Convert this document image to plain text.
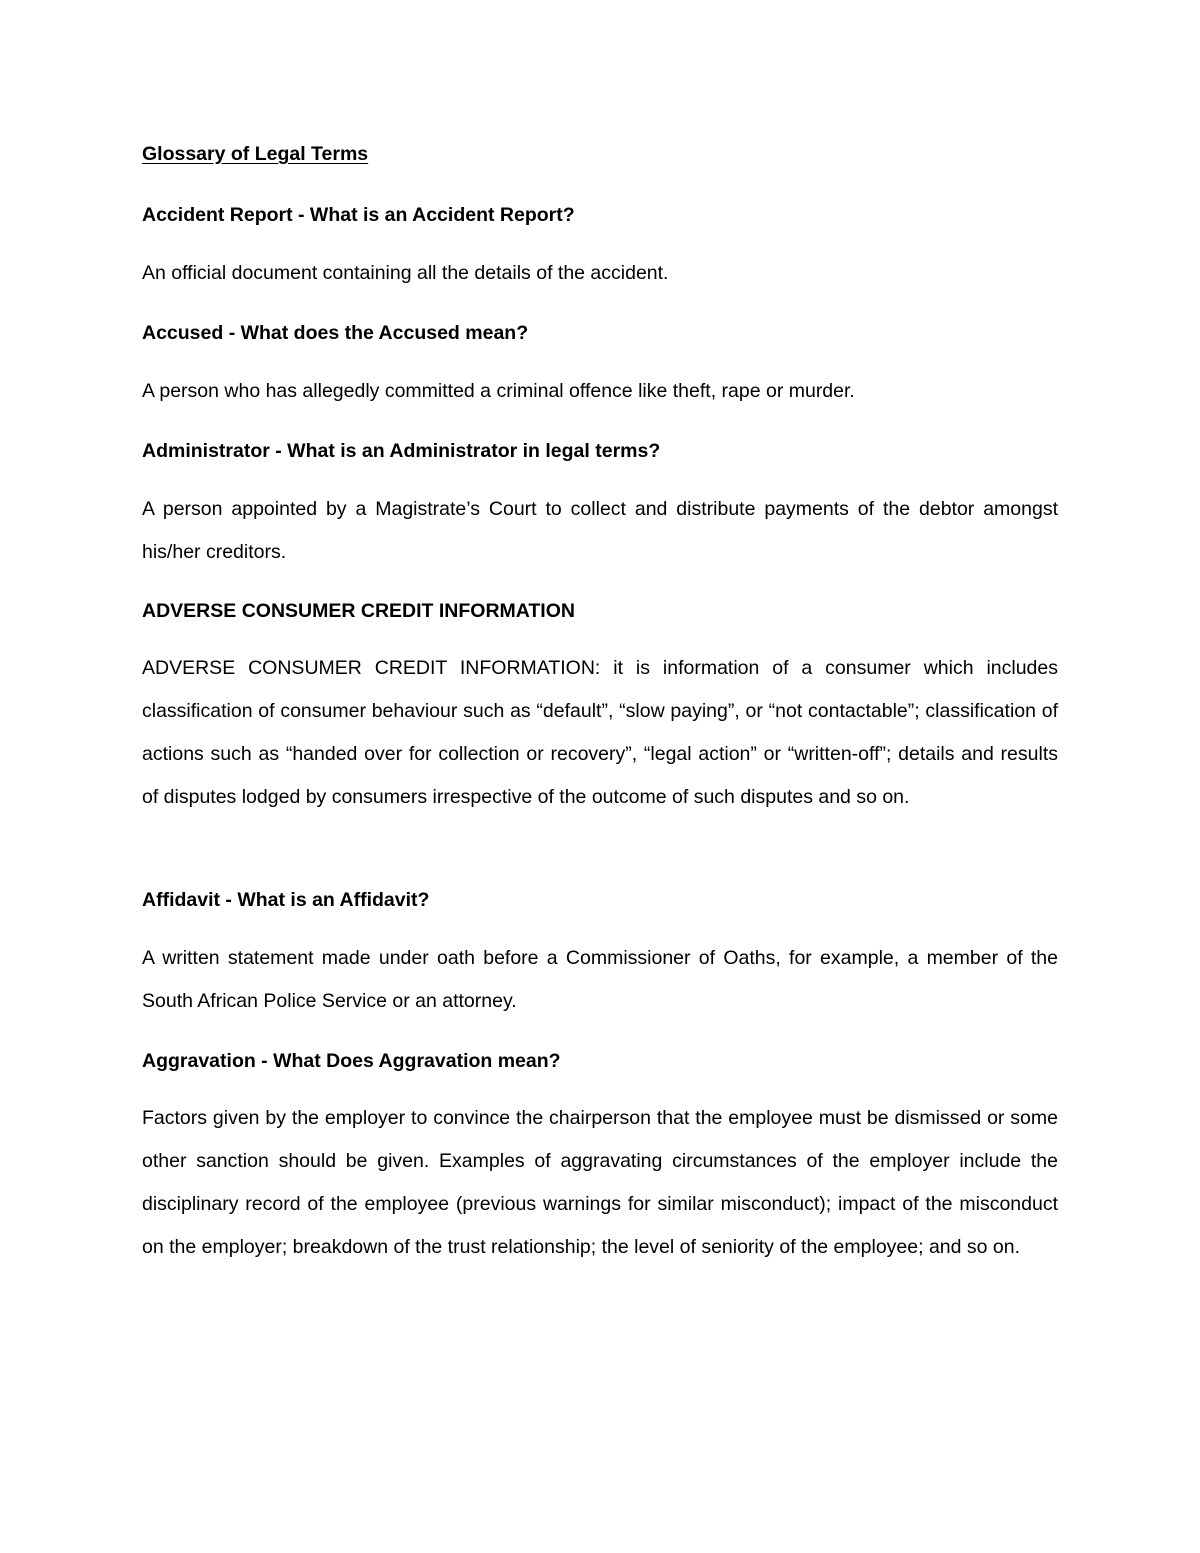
Glossary of Legal Terms

Accident Report - What is an Accident Report?

An official document containing all the details of the accident.

Accused - What does the Accused mean?

A person who has allegedly committed a criminal offence like theft, rape or murder.

Administrator - What is an Administrator in legal terms?

A person appointed by a Magistrate’s Court to collect and distribute payments of the debtor amongst his/her creditors.

ADVERSE CONSUMER CREDIT INFORMATION

ADVERSE CONSUMER CREDIT INFORMATION: it is information of a consumer which includes classification of consumer behaviour such as “default”, “slow paying”, or “not contactable”; classification of actions such as “handed over for collection or recovery”, “legal action” or “written-off”; details and results of disputes lodged by consumers irrespective of the outcome of such disputes and so on.

Affidavit - What is an Affidavit?

A written statement made under oath before a Commissioner of Oaths, for example, a member of the South African Police Service or an attorney.

Aggravation - What Does Aggravation mean?

Factors given by the employer to convince the chairperson that the employee must be dismissed or some other sanction should be given. Examples of aggravating circumstances of the employer include the disciplinary record of the employee (previous warnings for similar misconduct); impact of the misconduct on the employer; breakdown of the trust relationship; the level of seniority of the employee; and so on.
